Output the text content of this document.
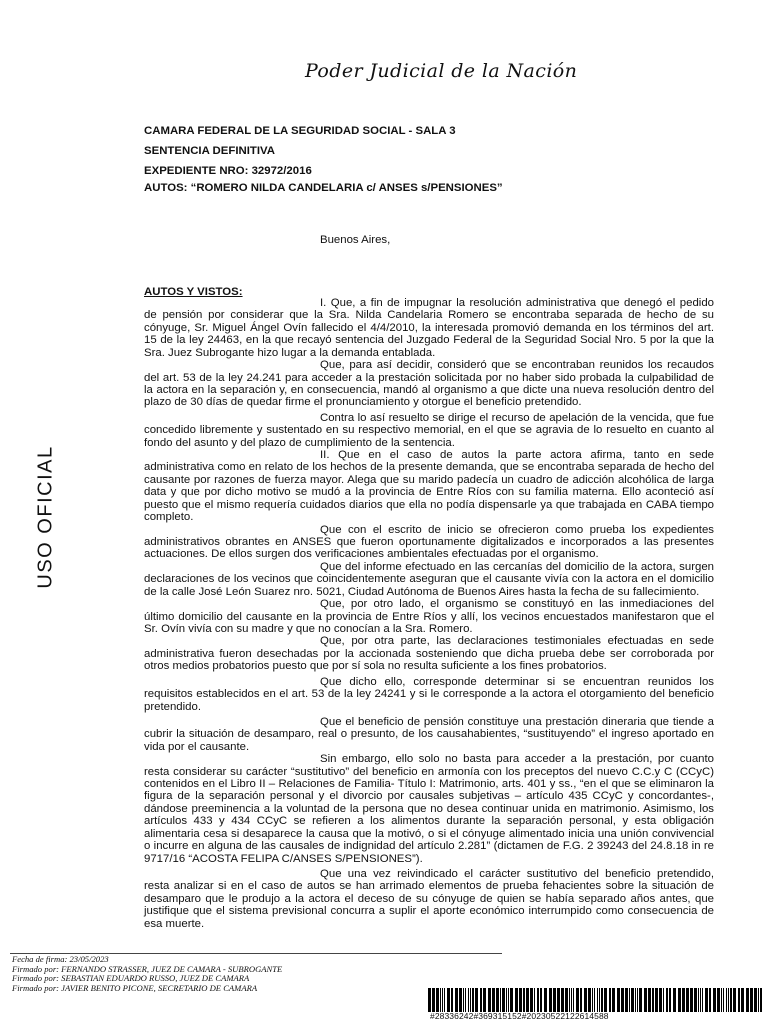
Poder Judicial de la Nación
CAMARA FEDERAL DE LA SEGURIDAD SOCIAL - SALA 3
SENTENCIA DEFINITIVA
EXPEDIENTE NRO: 32972/2016
AUTOS: “ROMERO NILDA CANDELARIA c/ ANSES s/PENSIONES”
Buenos Aires,
AUTOS Y VISTOS:

I. Que, a fin de impugnar la resolución administrativa que denegó el pedido de pensión por considerar que la Sra. Nilda Candelaria Romero se encontraba separada de hecho de su cónyuge, Sr. Miguel Ángel Ovín fallecido el 4/4/2010, la interesada promovió demanda en los términos del art. 15 de la ley 24463, en la que recayó sentencia del Juzgado Federal de la Seguridad Social Nro. 5 por la que la Sra. Juez Subrogante hizo lugar a la demanda entablada.

Que, para así decidir, consideró que se encontraban reunidos los recaudos del art. 53 de la ley 24.241 para acceder a la prestación solicitada por no haber sido probada la culpabilidad de la actora en la separación y, en consecuencia, mandó al organismo a que dicte una nueva resolución dentro del plazo de 30 días de quedar firme el pronunciamiento y otorgue el beneficio pretendido.

Contra lo así resuelto se dirige el recurso de apelación de la vencida, que fue concedido libremente y sustentado en su respectivo memorial, en el que se agravia de lo resuelto en cuanto al fondo del asunto y del plazo de cumplimiento de la sentencia.

II. Que en el caso de autos la parte actora afirma, tanto en sede administrativa como en relato de los hechos de la presente demanda, que se encontraba separada de hecho del causante por razones de fuerza mayor. Alega que su marido padecía un cuadro de adicción alcohólica de larga data y que por dicho motivo se mudó a la provincia de Entre Ríos con su familia materna. Ello aconteció así puesto que el mismo requería cuidados diarios que ella no podía dispensarle ya que trabajada en CABA tiempo completo.

Que con el escrito de inicio se ofrecieron como prueba los expedientes administrativos obrantes en ANSES que fueron oportunamente digitalizados e incorporados a las presentes actuaciones. De ellos surgen dos verificaciones ambientales efectuadas por el organismo.

Que del informe efectuado en las cercanías del domicilio de la actora, surgen declaraciones de los vecinos que coincidentemente aseguran que el causante vivía con la actora en el domicilio de la calle José León Suarez nro. 5021, Ciudad Autónoma de Buenos Aires hasta la fecha de su fallecimiento.

Que, por otro lado, el organismo se constituyó en las inmediaciones del último domicilio del causante en la provincia de Entre Ríos y allí, los vecinos encuestados manifestaron que el Sr. Ovín vivía con su madre y que no conocían a la Sra. Romero.

Que, por otra parte, las declaraciones testimoniales efectuadas en sede administrativa fueron desechadas por la accionada sosteniendo que dicha prueba debe ser corroborada por otros medios probatorios puesto que por sí sola no resulta suficiente a los fines probatorios.

Que dicho ello, corresponde determinar si se encuentran reunidos los requisitos establecidos en el art. 53 de la ley 24241 y si le corresponde a la actora el otorgamiento del beneficio pretendido.

Que el beneficio de pensión constituye una prestación dineraria que tiende a cubrir la situación de desamparo, real o presunto, de los causahabientes, “sustituyendo” el ingreso aportado en vida por el causante.

Sin embargo, ello solo no basta para acceder a la prestación, por cuanto resta considerar su carácter “sustitutivo” del beneficio en armonía con los preceptos del nuevo C.C.y C (CCyC) contenidos en el Libro II – Relaciones de Familia- Título I: Matrimonio, arts. 401 y ss., “en el que se eliminaron la figura de la separación personal y el divorcio por causales subjetivas – artículo 435 CCyC y concordantes-, dándose preeminencia a la voluntad de la persona que no desea continuar unida en matrimonio. Asimismo, los artículos 433 y 434 CCyC se refieren a los alimentos durante la separación personal, y esta obligación alimentaria cesa si desaparece la causa que la motivó, o si el cónyuge alimentado inicia una unión convivencial o incurre en alguna de las causales de indignidad del artículo 2.281” (dictamen de F.G. 2 39243 del 24.8.18 in re 9717/16 “ACOSTA FELIPA C/ANSES S/PENSIONES”).

Que una vez reivindicado el carácter sustitutivo del beneficio pretendido, resta analizar si en el caso de autos se han arrimado elementos de prueba fehacientes sobre la situación de desamparo que le produjo a la actora el deceso de su cónyuge de quien se había separado años antes, que justifique que el sistema previsional concurra a suplir el aporte económico interrumpido como consecuencia de esa muerte.

USO OFICIAL
Fecha de firma: 23/05/2023
Firmado por: FERNANDO STRASSER, JUEZ DE CAMARA - SUBROGANTE
Firmado por: SEBASTIAN EDUARDO RUSSO, JUEZ DE CAMARA
Firmado por: JAVIER BENITO PICONE, SECRETARIO DE CAMARA
#28336242#369315152#20230522122614588
